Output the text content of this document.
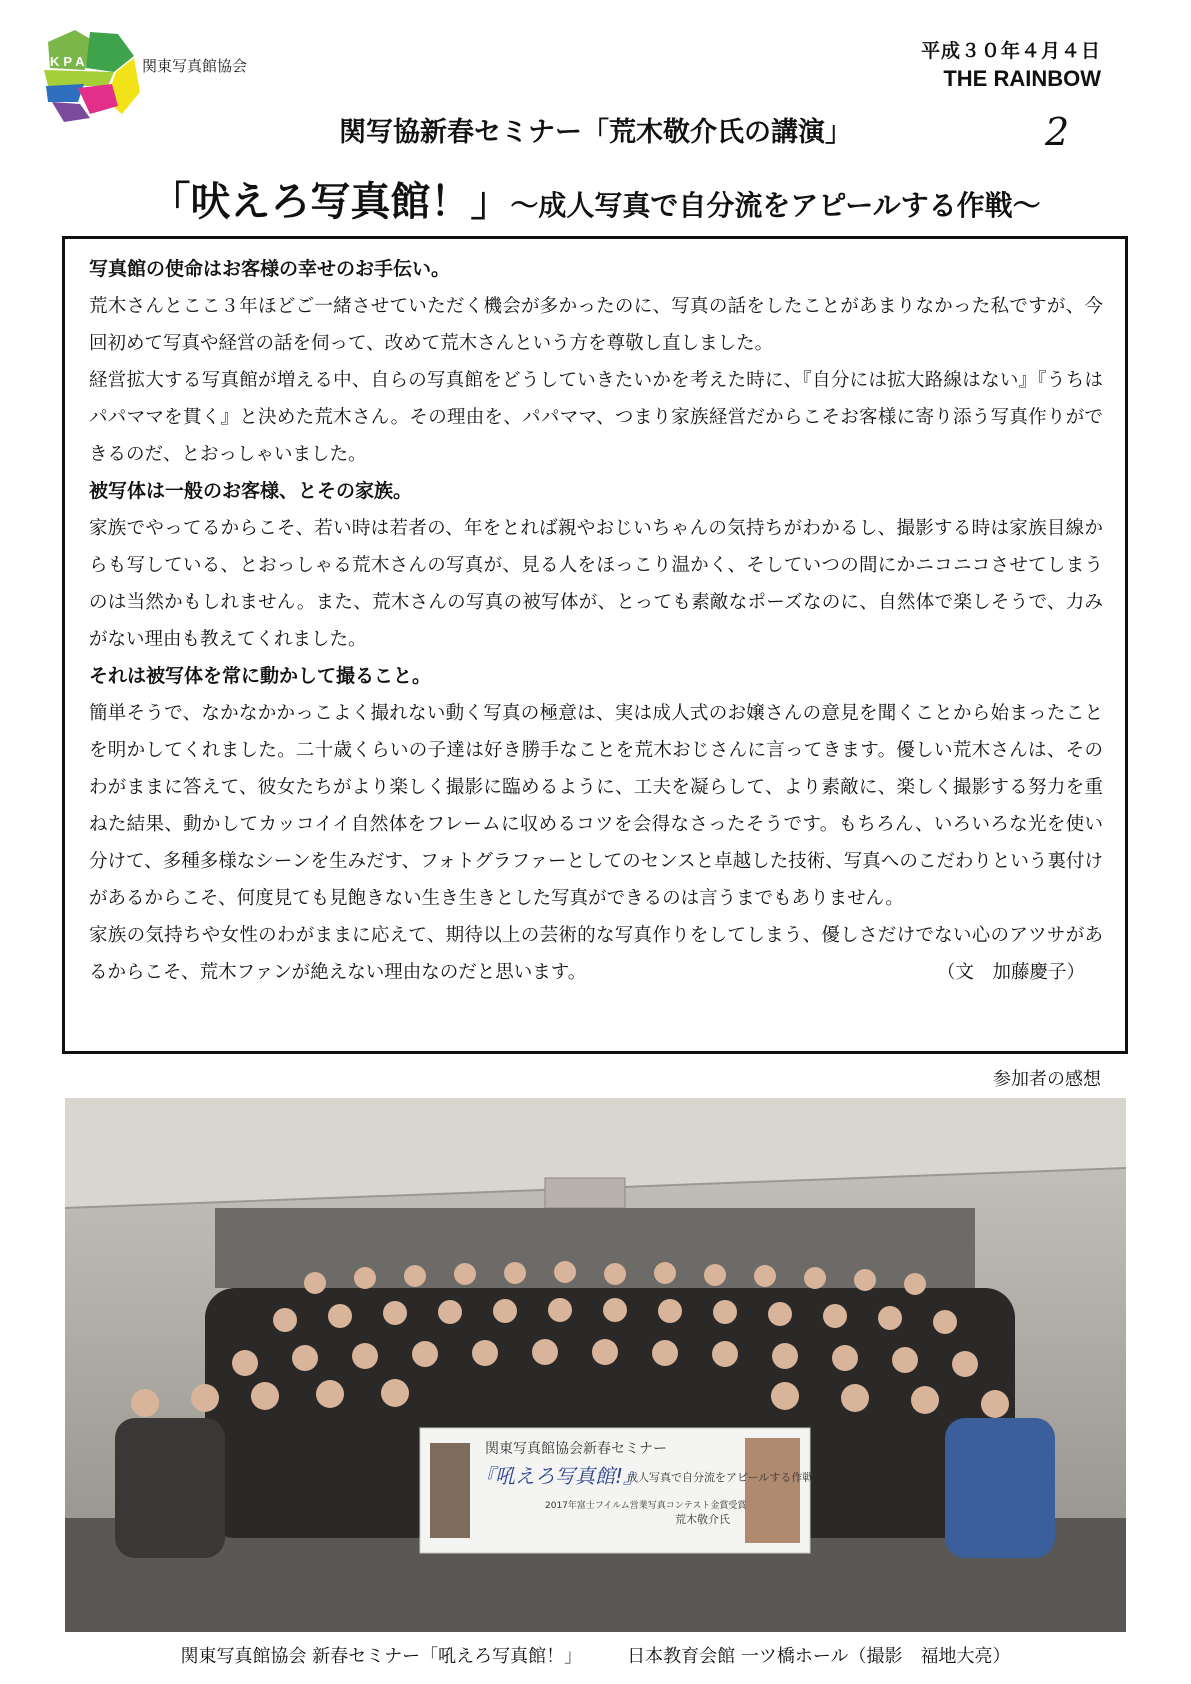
KPA	関東写真館協会
平成３０年４月４日
THE RAINBOW
関写協新春セミナー「荒木敬介氏の講演」	2
「吠えろ写真館！」〜成人写真で自分流をアピールする作戦〜

写真館の使命はお客様の幸せのお手伝い。

荒木さんとここ３年ほどご一緒させていただく機会が多かったのに、写真の話をしたことがあまりなかった私ですが、今回初めて写真や経営の話を伺って、改めて荒木さんという方を尊敬し直しました。

経営拡大する写真館が増える中、自らの写真館をどうしていきたいかを考えた時に、『自分には拡大路線はない』『うちはパパママを貫く』と決めた荒木さん。その理由を、パパママ、つまり家族経営だからこそお客様に寄り添う写真作りができるのだ、とおっしゃいました。

被写体は一般のお客様、とその家族。

家族でやってるからこそ、若い時は若者の、年をとれば親やおじいちゃんの気持ちがわかるし、撮影する時は家族目線からも写している、とおっしゃる荒木さんの写真が、見る人をほっこり温かく、そしていつの間にかニコニコさせてしまうのは当然かもしれません。また、荒木さんの写真の被写体が、とっても素敵なポーズなのに、自然体で楽しそうで、力みがない理由も教えてくれました。

それは被写体を常に動かして撮ること。

簡単そうで、なかなかかっこよく撮れない動く写真の極意は、実は成人式のお嬢さんの意見を聞くことから始まったことを明かしてくれました。二十歳くらいの子達は好き勝手なことを荒木おじさんに言ってきます。優しい荒木さんは、そのわがままに答えて、彼女たちがより楽しく撮影に臨めるように、工夫を凝らして、より素敵に、楽しく撮影する努力を重ねた結果、動かしてカッコイイ自然体をフレームに収めるコツを会得なさったそうです。もちろん、いろいろな光を使い分けて、多種多様なシーンを生みだす、フォトグラファーとしてのセンスと卓越した技術、写真へのこだわりという裏付けがあるからこそ、何度見ても見飽きない生き生きとした写真ができるのは言うまでもありません。

家族の気持ちや女性のわがままに応えて、期待以上の芸術的な写真作りをしてしまう、優しさだけでない心のアツサがあるからこそ、荒木ファンが絶えない理由なのだと思います。	（文　加藤慶子）

参加者の感想
関東写真館協会新春セミナー
『吼えろ写真館!』
成人写真で自分流をアピールする作戦
2017年富士フイルム営業写真コンテスト金賞受賞
荒木敬介氏
関東写真館協会 新春セミナー「吼えろ写真館！」　　　日本教育会館 一ツ橋ホール（撮影　福地大亮）
